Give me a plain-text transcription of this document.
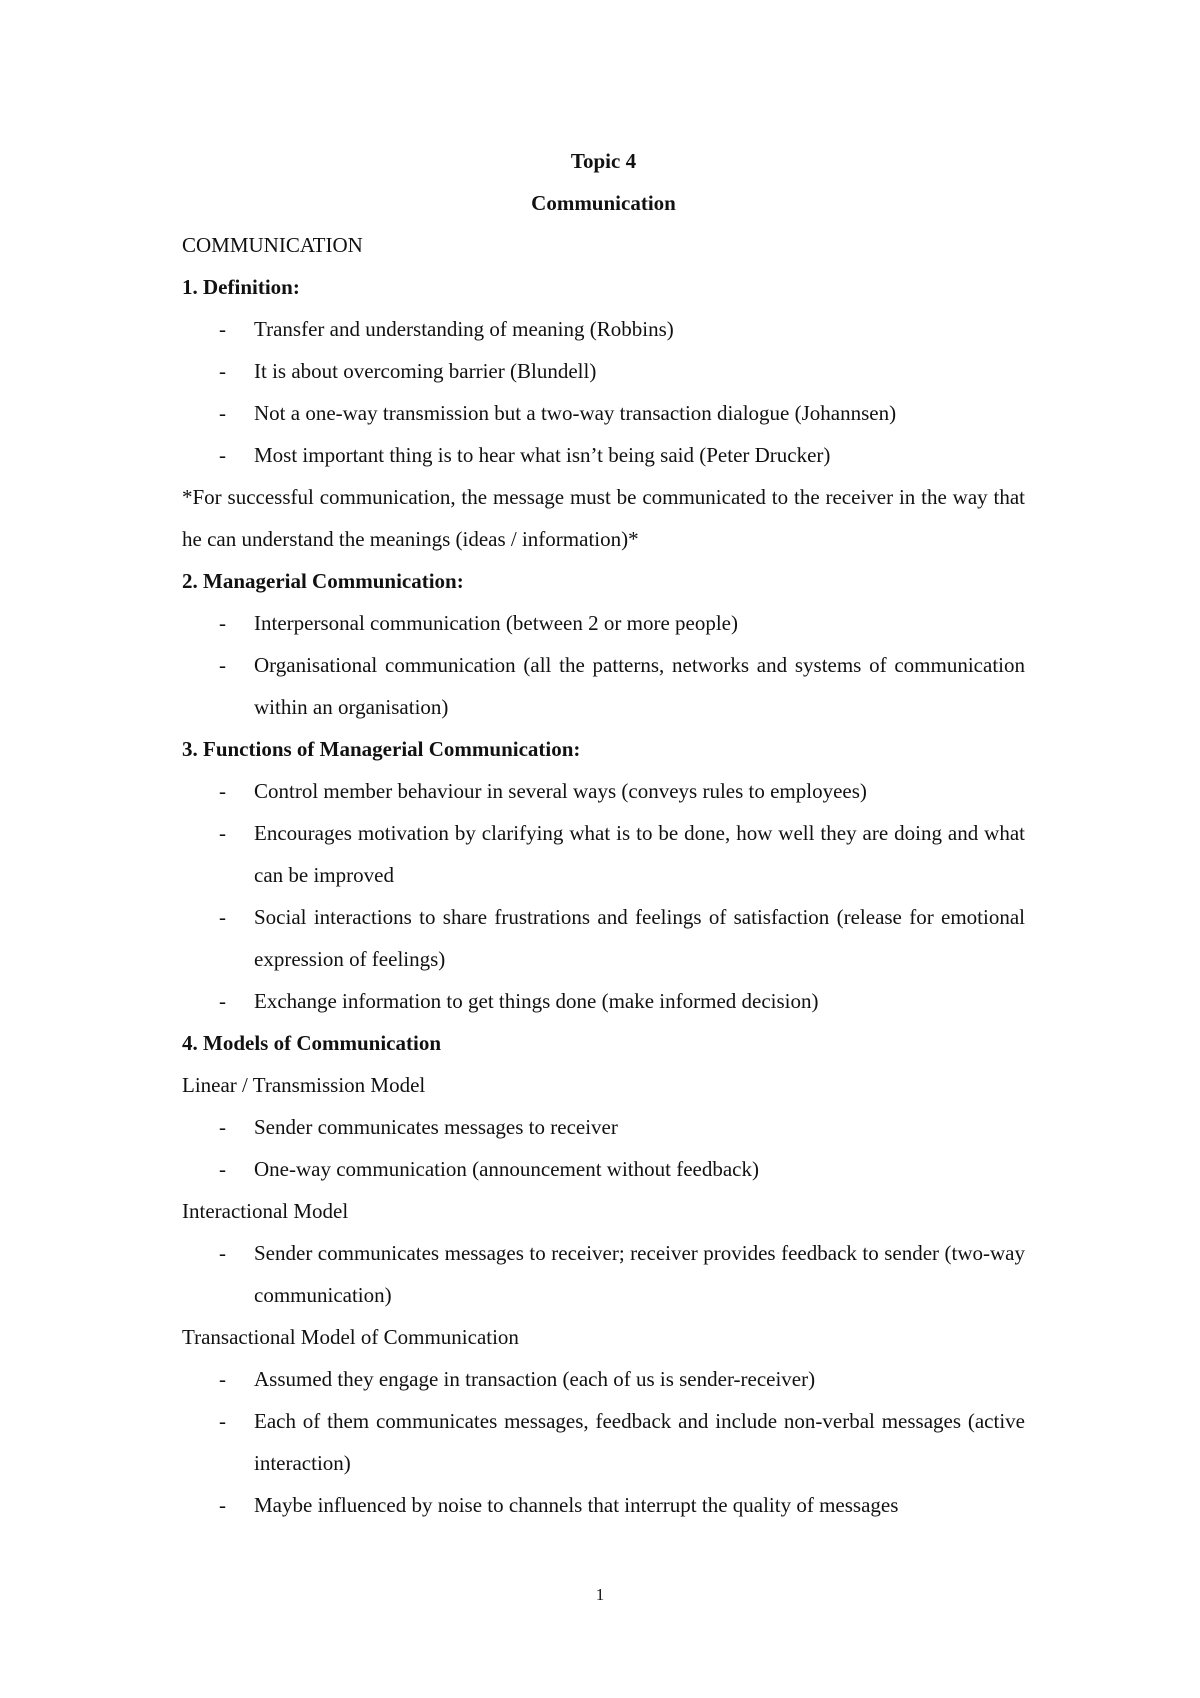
Topic 4
Communication
COMMUNICATION
1. Definition:
- Transfer and understanding of meaning (Robbins)
- It is about overcoming barrier (Blundell)
- Not a one-way transmission but a two-way transaction dialogue (Johannsen)
- Most important thing is to hear what isn’t being said (Peter Drucker)
*For successful communication, the message must be communicated to the receiver in the way that he can understand the meanings (ideas / information)*
2. Managerial Communication:
- Interpersonal communication (between 2 or more people)
- Organisational communication (all the patterns, networks and systems of communication within an organisation)
3. Functions of Managerial Communication:
- Control member behaviour in several ways (conveys rules to employees)
- Encourages motivation by clarifying what is to be done, how well they are doing and what can be improved
- Social interactions to share frustrations and feelings of satisfaction (release for emotional expression of feelings)
- Exchange information to get things done (make informed decision)
4. Models of Communication
Linear / Transmission Model
- Sender communicates messages to receiver
- One-way communication (announcement without feedback)
Interactional Model
- Sender communicates messages to receiver; receiver provides feedback to sender (two-way communication)
Transactional Model of Communication
- Assumed they engage in transaction (each of us is sender-receiver)
- Each of them communicates messages, feedback and include non-verbal messages (active interaction)
- Maybe influenced by noise to channels that interrupt the quality of messages
1
